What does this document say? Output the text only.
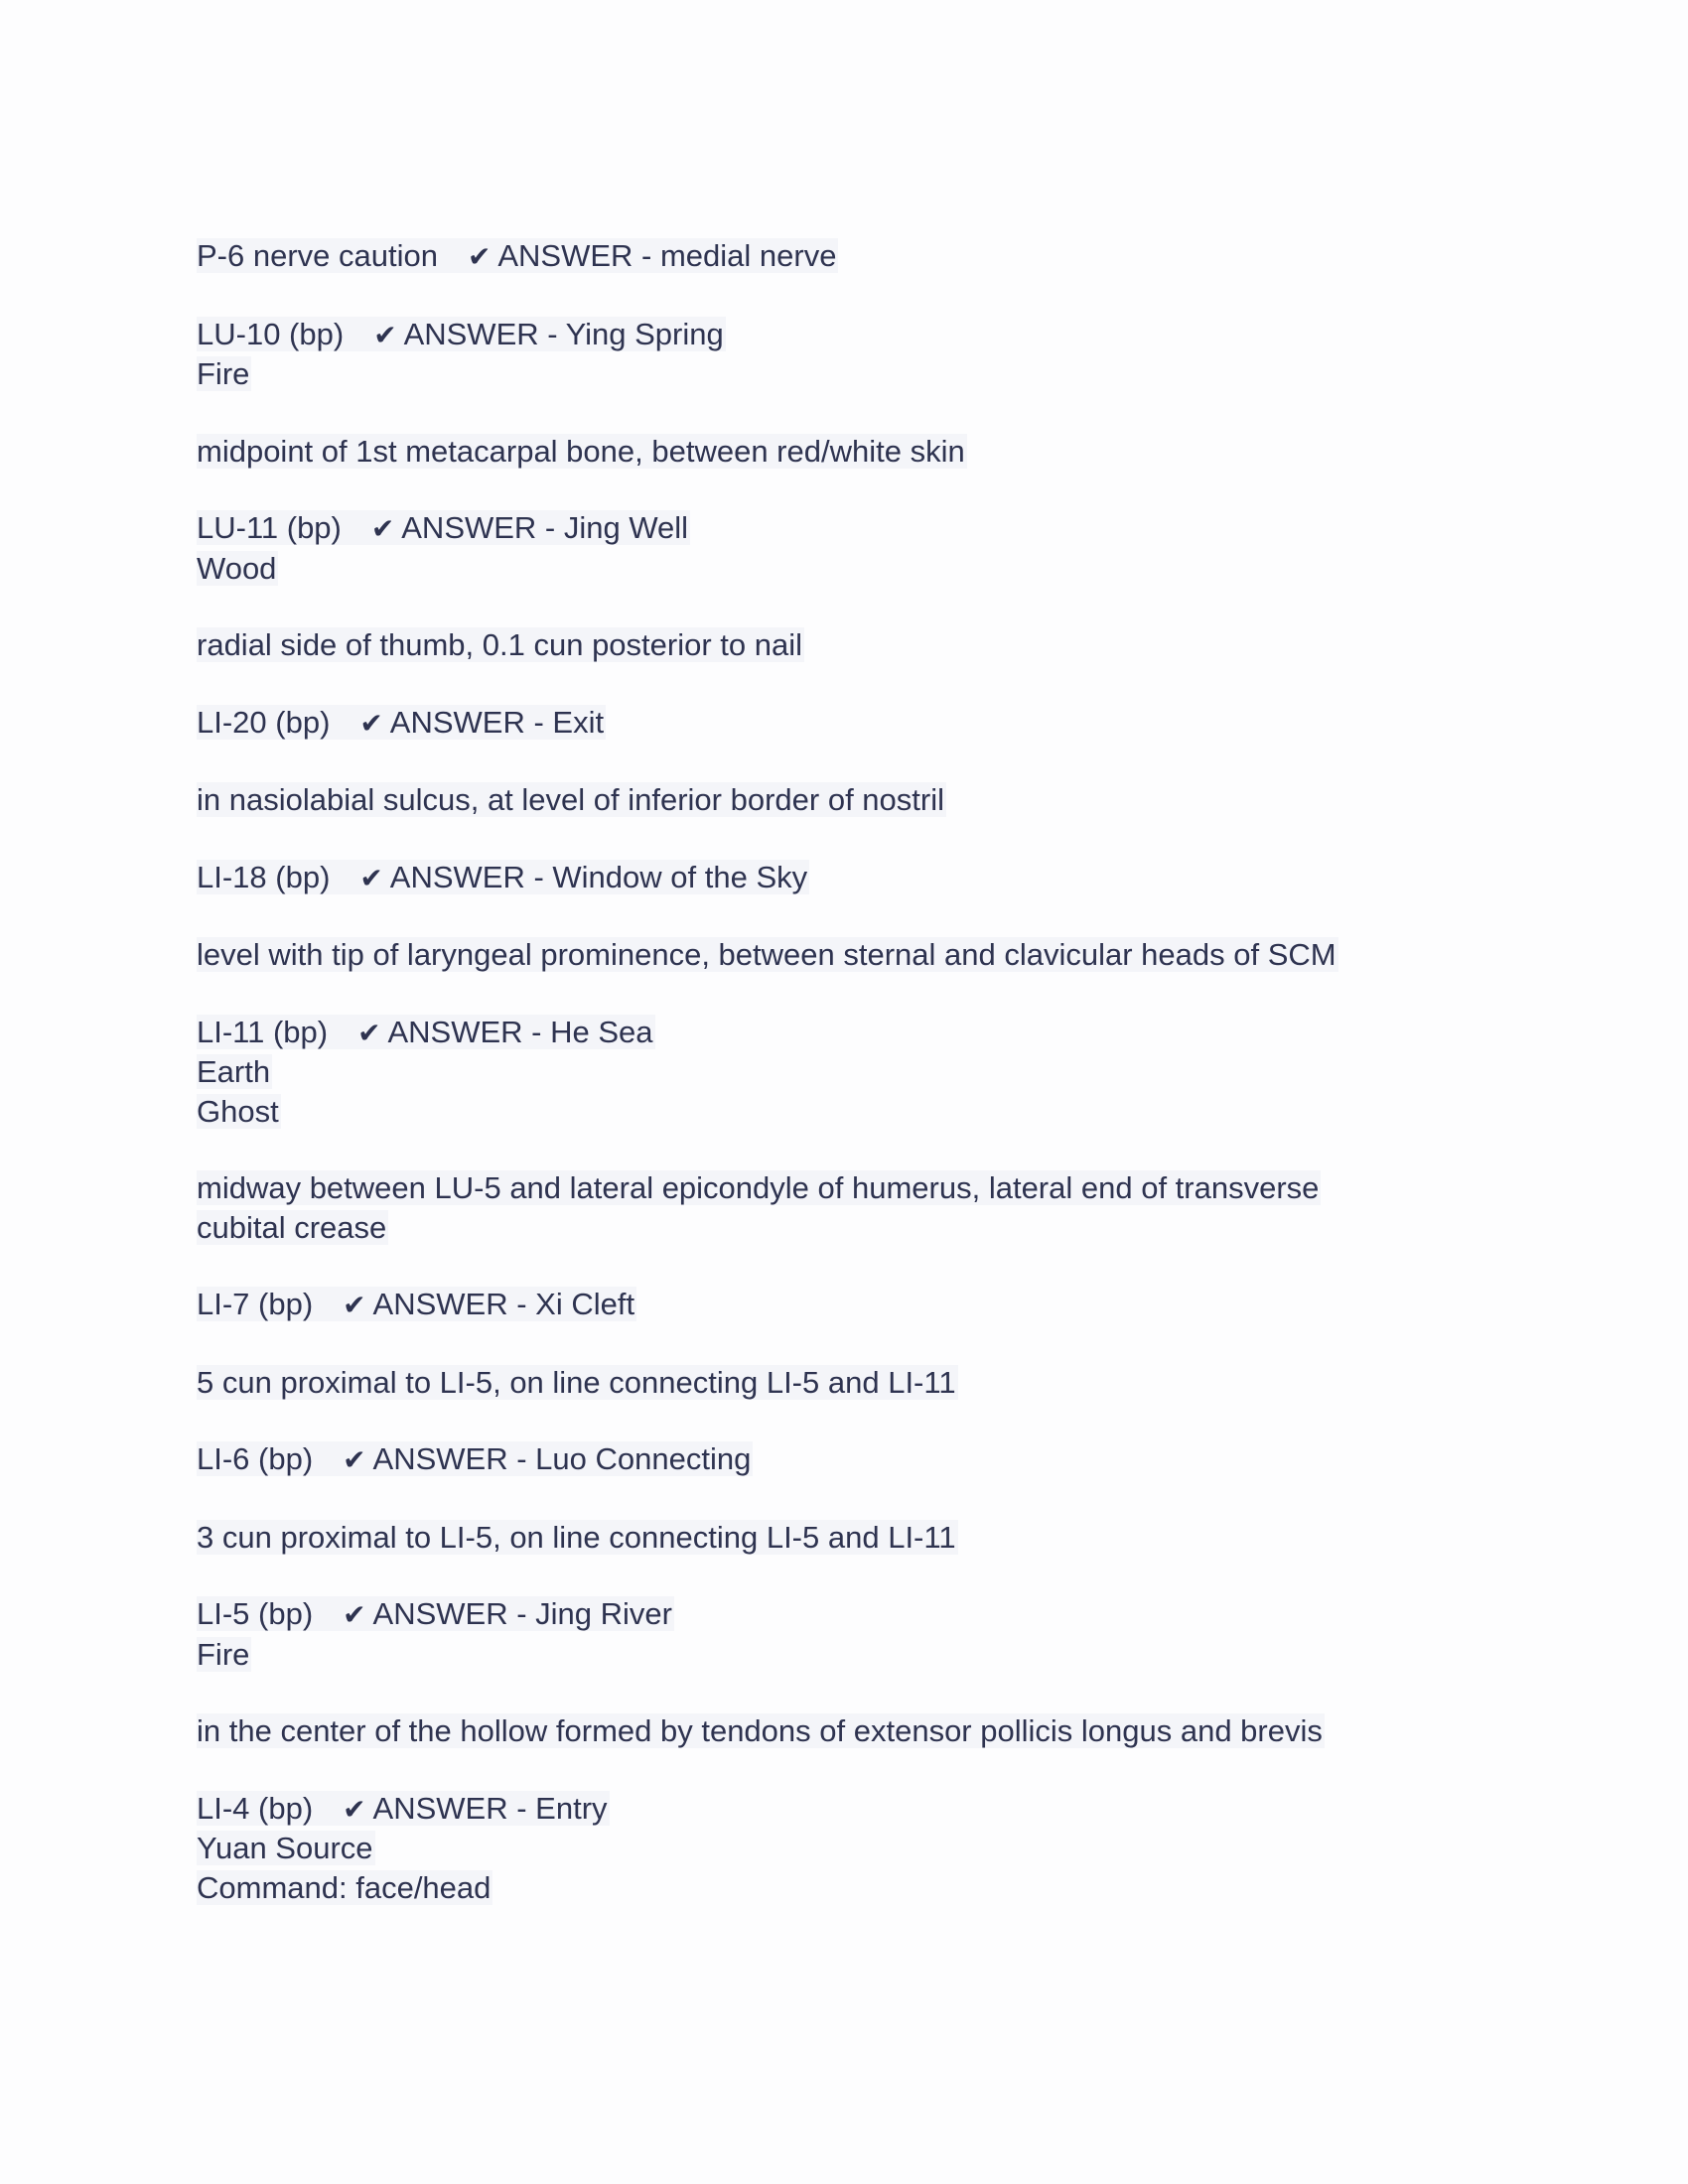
P-6 nerve caution ✔ ANSWER - medial nerve
LU-10 (bp) ✔ ANSWER - Ying Spring
Fire
midpoint of 1st metacarpal bone, between red/white skin
LU-11 (bp) ✔ ANSWER - Jing Well
Wood
radial side of thumb, 0.1 cun posterior to nail
LI-20 (bp) ✔ ANSWER - Exit
in nasiolabial sulcus, at level of inferior border of nostril
LI-18 (bp) ✔ ANSWER - Window of the Sky
level with tip of laryngeal prominence, between sternal and clavicular heads of SCM
LI-11 (bp) ✔ ANSWER - He Sea
Earth
Ghost
midway between LU-5 and lateral epicondyle of humerus, lateral end of transverse
cubital crease
LI-7 (bp) ✔ ANSWER - Xi Cleft
5 cun proximal to LI-5, on line connecting LI-5 and LI-11
LI-6 (bp) ✔ ANSWER - Luo Connecting
3 cun proximal to LI-5, on line connecting LI-5 and LI-11
LI-5 (bp) ✔ ANSWER - Jing River
Fire
in the center of the hollow formed by tendons of extensor pollicis longus and brevis
LI-4 (bp) ✔ ANSWER - Entry
Yuan Source
Command: face/head
